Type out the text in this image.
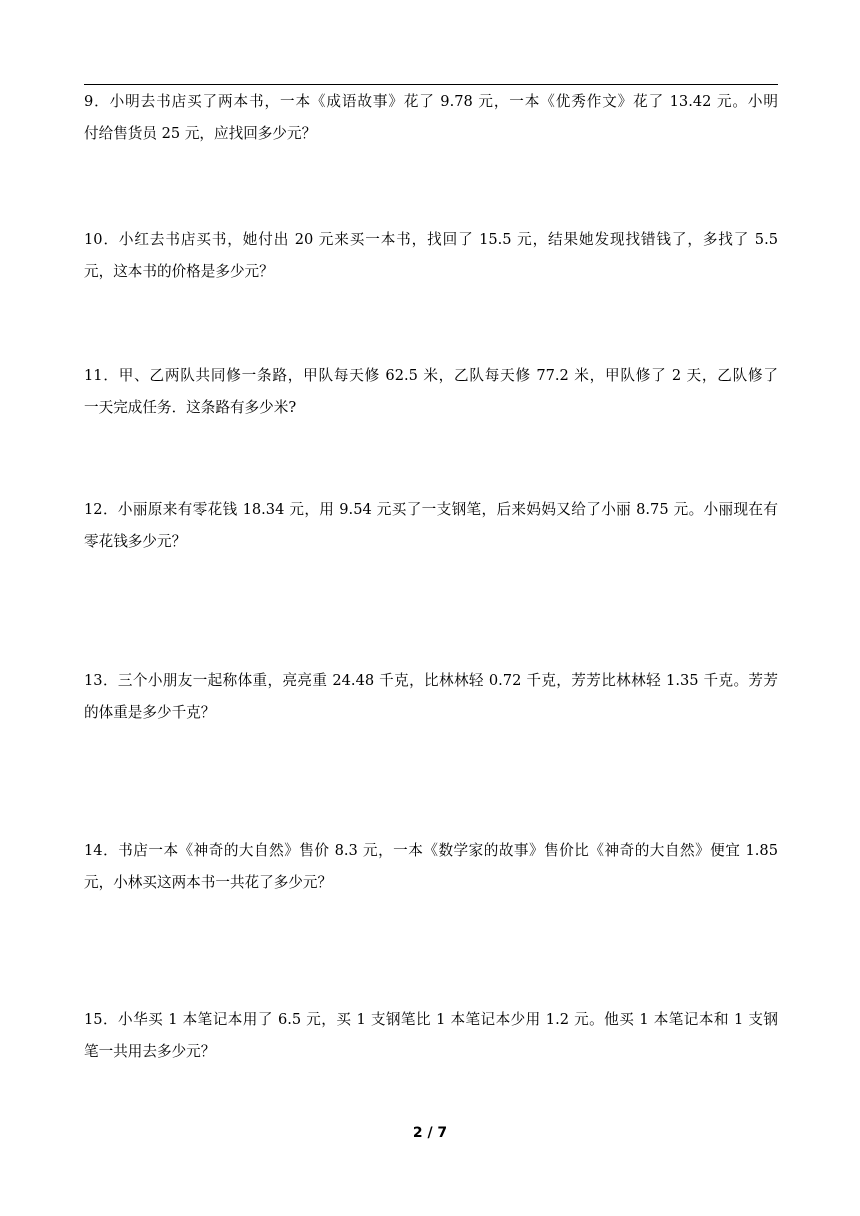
9．小明去书店买了两本书，一本《成语故事》花了 9.78 元，一本《优秀作文》花了 13.42 元。小明
付给售货员 25 元，应找回多少元？
10．小红去书店买书，她付出 20 元来买一本书，找回了 15.5 元，结果她发现找错钱了，多找了 5.5
元，这本书的价格是多少元？
11．甲、乙两队共同修一条路，甲队每天修 62.5 米，乙队每天修 77.2 米，甲队修了 2 天，乙队修了
一天完成任务．这条路有多少米?
12．小丽原来有零花钱 18.34 元，用 9.54 元买了一支钢笔，后来妈妈又给了小丽 8.75 元。小丽现在有
零花钱多少元？
13．三个小朋友一起称体重，亮亮重 24.48 千克，比林林轻 0.72 千克，芳芳比林林轻 1.35 千克。芳芳
的体重是多少千克？
14．书店一本《神奇的大自然》售价 8.3 元，一本《数学家的故事》售价比《神奇的大自然》便宜 1.85
元，小林买这两本书一共花了多少元？
15．小华买 1 本笔记本用了 6.5 元，买 1 支钢笔比 1 本笔记本少用 1.2 元。他买 1 本笔记本和 1 支钢
笔一共用去多少元？
2 / 7
